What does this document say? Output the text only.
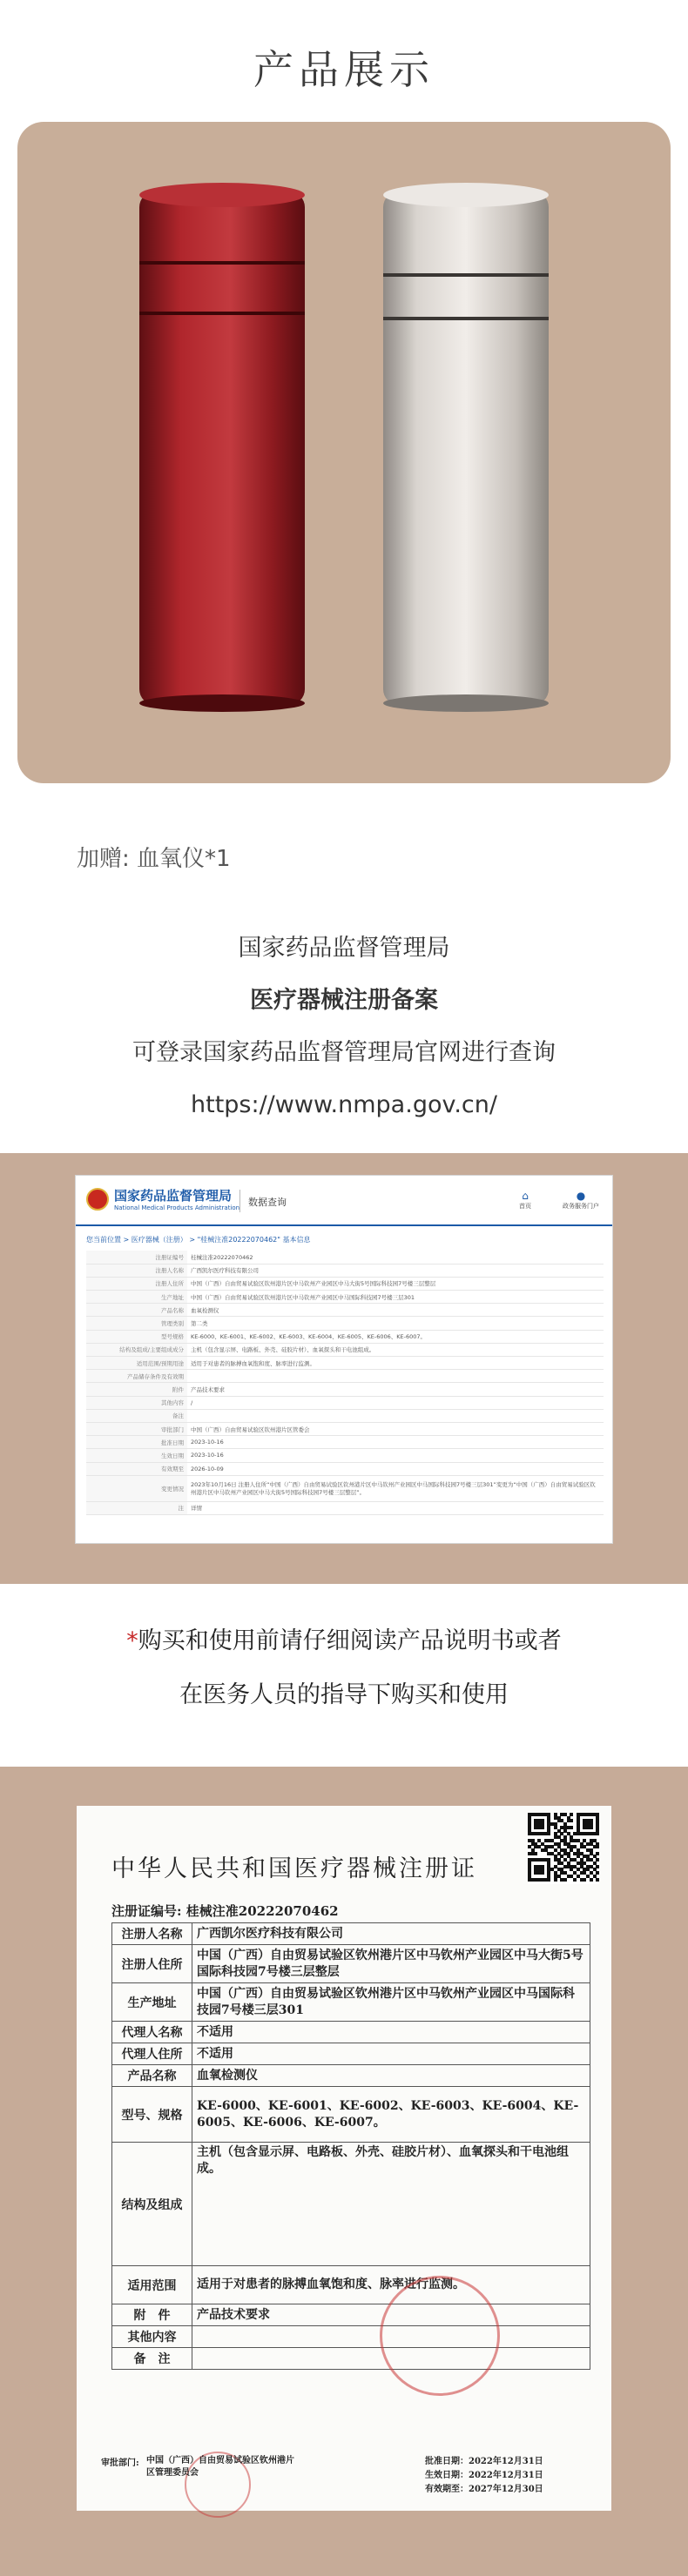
产品展示
加赠: 血氧仪*1
国家药品监督管理局
医疗器械注册备案
可登录国家药品监督管理局官网进行查询
https://www.nmpa.gov.cn/
国家药品监督管理局
National Medical Products Administration 数据查询
⌂
首页
●
政务服务门户
您当前位置 > 医疗器械（注册） > "桂械注准20222070462" 基本信息
注册证编号	桂械注准20222070462
注册人名称	广西凯尔医疗科技有限公司
注册人住所	中国（广西）自由贸易试验区钦州港片区中马钦州产业园区中马大街5号国际科技园7号楼三层整层
生产地址	中国（广西）自由贸易试验区钦州港片区中马钦州产业园区中马国际科技园7号楼三层301
产品名称	血氧检测仪
管理类别	第二类
型号规格	KE-6000、KE-6001、KE-6002、KE-6003、KE-6004、KE-6005、KE-6006、KE-6007。
结构及组成/主要组成成分	主机（包含显示屏、电路板、外壳、硅胶片材）、血氧探头和干电池组成。
适用范围/预期用途	适用于对患者的脉搏血氧饱和度、脉率进行监测。
产品储存条件及有效期	
附件	产品技术要求
其他内容	/
备注	
审批部门	中国（广西）自由贸易试验区钦州港片区管委会
批准日期	2023-10-16
生效日期	2023-10-16
有效期至	2026-10-09
变更情况	2023年10月16日 注册人住所“中国（广西）自由贸易试验区钦州港片区中马钦州产业园区中马国际科技园7号楼三层301”变更为“中国（广西）自由贸易试验区钦州港片区中马钦州产业园区中马大街5号国际科技园7号楼三层整层”。
注	详情
*购买和使用前请仔细阅读产品说明书或者
在医务人员的指导下购买和使用
中华人民共和国医疗器械注册证
注册证编号: 桂械注准20222070462
注册人名称	广西凯尔医疗科技有限公司
注册人住所	中国（广西）自由贸易试验区钦州港片区中马钦州产业园区中马大街5号国际科技园7号楼三层整层
生产地址	中国（广西）自由贸易试验区钦州港片区中马钦州产业园区中马国际科技园7号楼三层301
代理人名称	不适用
代理人住所	不适用
产品名称	血氧检测仪
型号、规格	KE-6000、KE-6001、KE-6002、KE-6003、KE-6004、KE-6005、KE-6006、KE-6007。
结构及组成	主机（包含显示屏、电路板、外壳、硅胶片材）、血氧探头和干电池组成。
适用范围	适用于对患者的脉搏血氧饱和度、脉率进行监测。
附　件	产品技术要求
其他内容	
备　注	
审批部门: 中国（广西）自由贸易试验区钦州港片区管理委员会
批准日期：2022年12月31日
生效日期：2022年12月31日
有效期至：2027年12月30日
